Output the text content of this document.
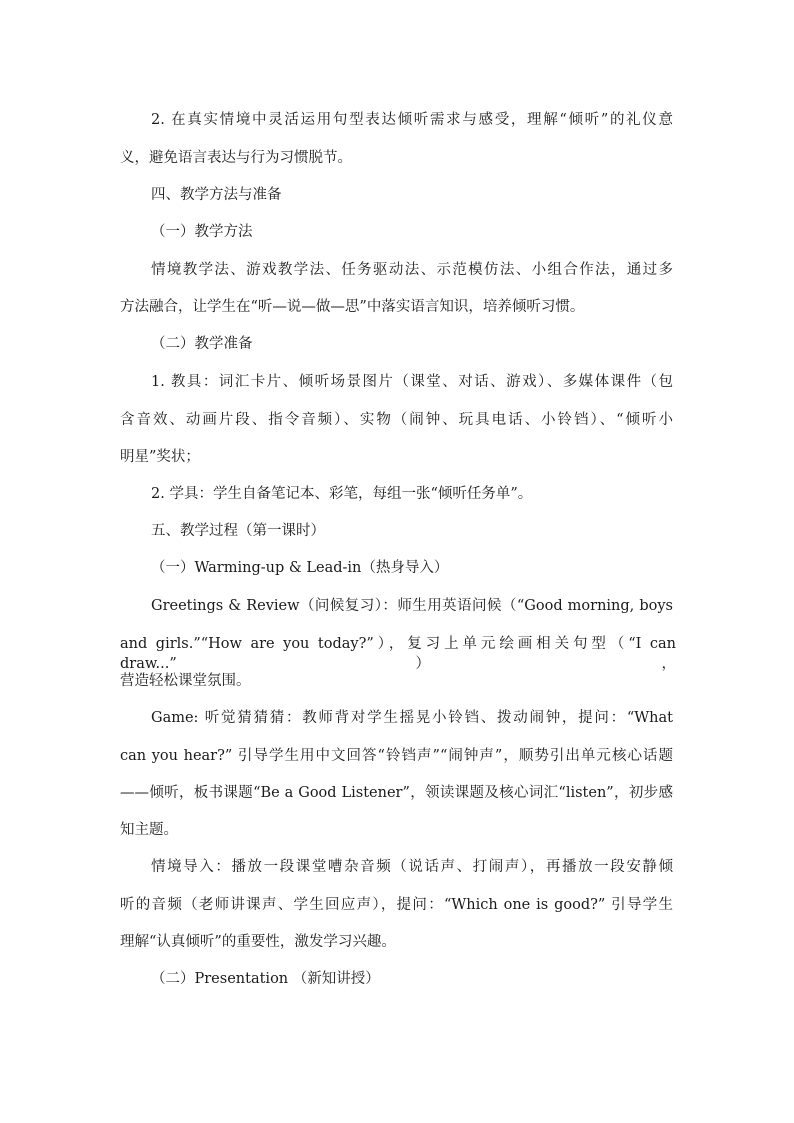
2. 在真实情境中灵活运用句型表达倾听需求与感受，理解“倾听”的礼仪意
义，避免语言表达与行为习惯脱节。
四、教学方法与准备
（一）教学方法
情境教学法、游戏教学法、任务驱动法、示范模仿法、小组合作法，通过多
方法融合，让学生在“听—说—做—思”中落实语言知识，培养倾听习惯。
（二）教学准备
1. 教具：词汇卡片、倾听场景图片（课堂、对话、游戏）、多媒体课件（包
含音效、动画片段、指令音频）、实物（闹钟、玩具电话、小铃铛）、“倾听小
明星”奖状；
2. 学具：学生自备笔记本、彩笔，每组一张“倾听任务单”。
五、教学过程（第一课时）
（一）Warming-up & Lead-in（热身导入）
Greetings & Review（问候复习）：师生用英语问候（“Good morning, boys
and girls.”“How are you today?”），复习上单元绘画相关句型（“I can draw...”），
营造轻松课堂氛围。
Game: 听觉猜猜猜：教师背对学生摇晃小铃铛、拨动闹钟，提问：“What
can you hear?” 引导学生用中文回答“铃铛声”“闹钟声”，顺势引出单元核心话题
——倾听，板书课题“Be a Good Listener”，领读课题及核心词汇“listen”，初步感
知主题。
情境导入：播放一段课堂嘈杂音频（说话声、打闹声），再播放一段安静倾
听的音频（老师讲课声、学生回应声），提问：“Which one is good?” 引导学生
理解“认真倾听”的重要性，激发学习兴趣。
（二）Presentation （新知讲授）
